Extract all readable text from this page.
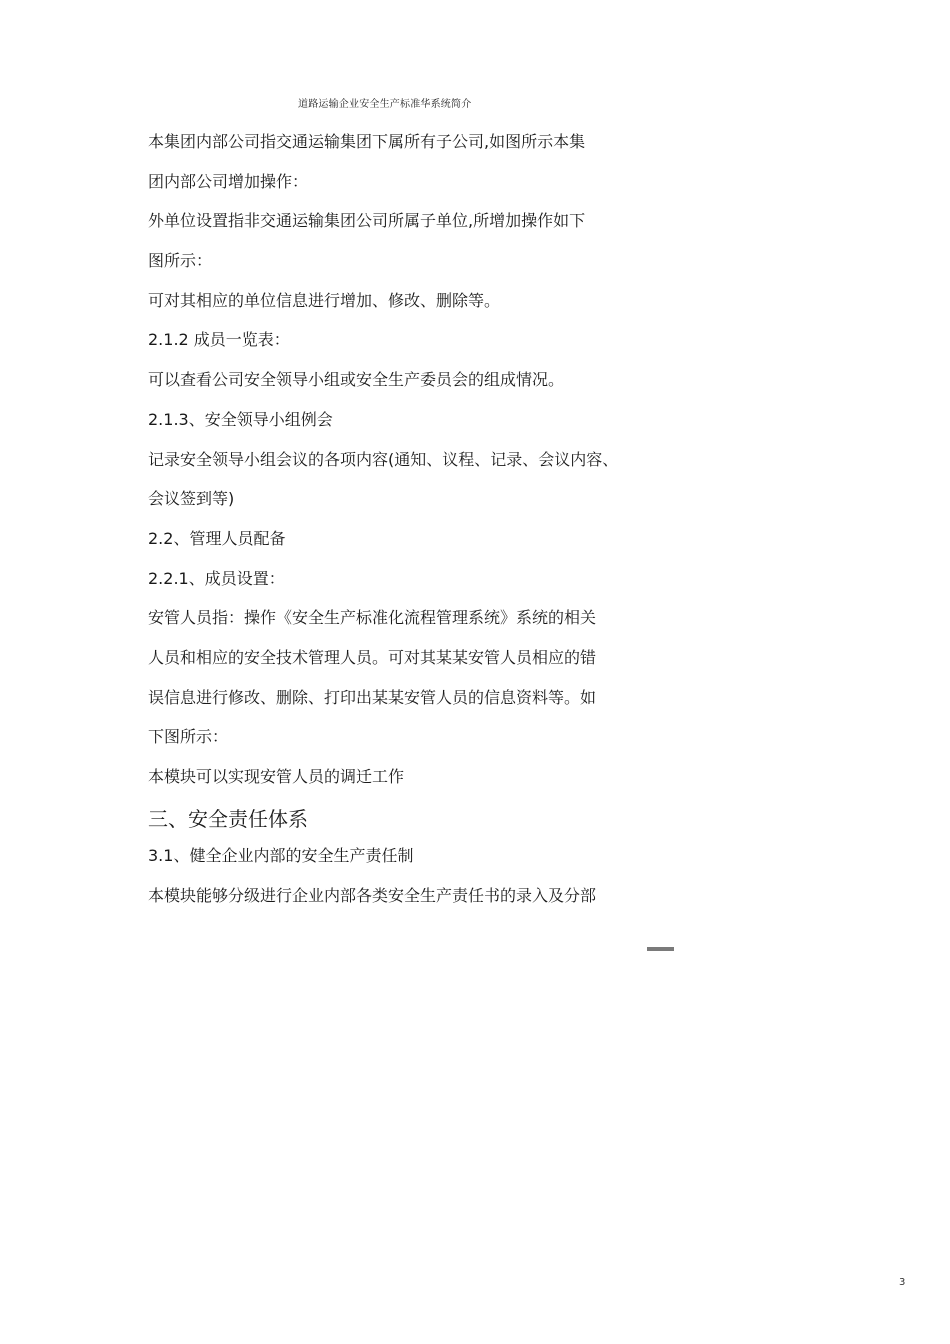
道路运输企业安全生产标准华系统简介
本集团内部公司指交通运输集团下属所有子公司,如图所示本集
团内部公司增加操作：
外单位设置指非交通运输集团公司所属子单位,所增加操作如下
图所示：
可对其相应的单位信息进行增加、修改、删除等。
2.1.2 成员一览表：
可以查看公司安全领导小组或安全生产委员会的组成情况。
2.1.3、安全领导小组例会
记录安全领导小组会议的各项内容(通知、议程、记录、会议内容、
会议签到等)
2.2、管理人员配备
2.2.1、成员设置：
安管人员指：操作《安全生产标准化流程管理系统》系统的相关
人员和相应的安全技术管理人员。可对其某某安管人员相应的错
误信息进行修改、删除、打印出某某安管人员的信息资料等。如
下图所示：
本模块可以实现安管人员的调迁工作
三、安全责任体系
3.1、健全企业内部的安全生产责任制
本模块能够分级进行企业内部各类安全生产责任书的录入及分部
3
